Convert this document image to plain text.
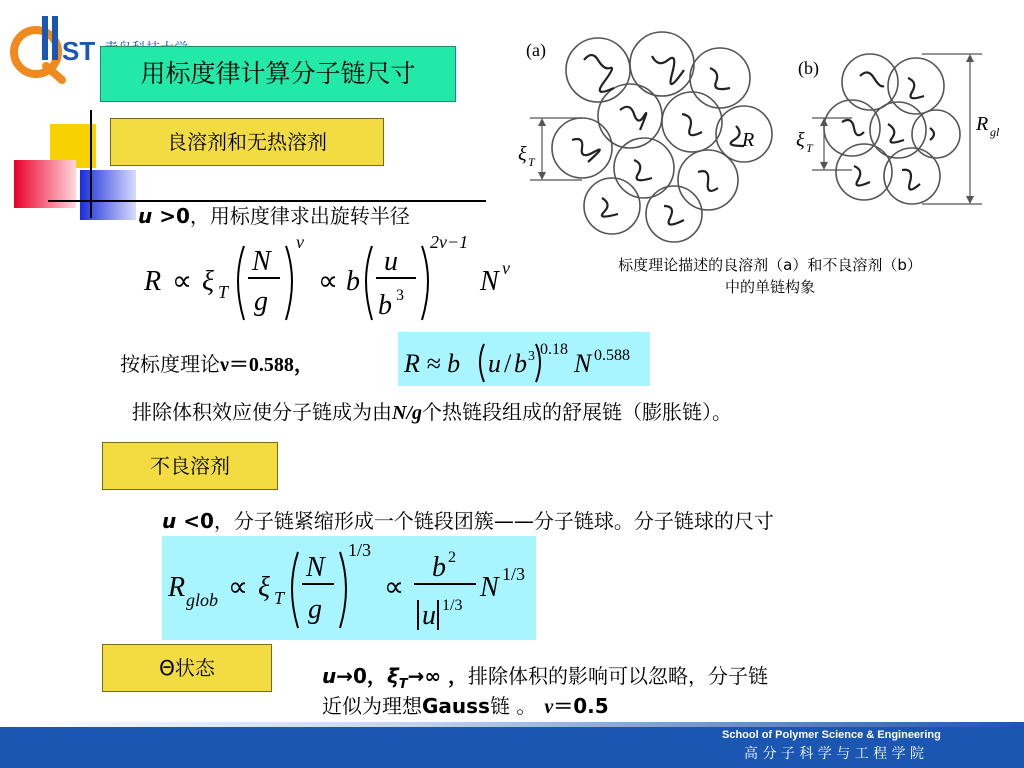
ST
用标度律计算分子链尺寸
良溶剂和无热溶剂
u >0，用标度律求出旋转半径
R ∝ ξ T
N
g
v
∝ b
u
b 3
2v−1
N v
按标度理论ν＝0.588，	R ≈ b u / b 3 0.18 N 0.588
排除体积效应使分子链成为由N/g个热链段组成的舒展链（膨胀链）。
不良溶剂
u <0，分子链紧缩形成一个链段团簇——分子链球。分子链球的尺寸
R glob ∝ ξ T
N
g
1/3
∝
b 2
u 1/3
N 1/3
Θ状态	u→0，$\xi_T\to\infty$ ，排除体积的影响可以忽略，分子链
近似为理想Gauss链 。 ν＝0.5
(a)
(b)
ξ T
R ξ T
R gl
标度理论描述的良溶剂（a）和不良溶剂（b）
中的单链构象
School of Polymer Science & Engineering
高 分 子 科 学 与 工 程 学 院
